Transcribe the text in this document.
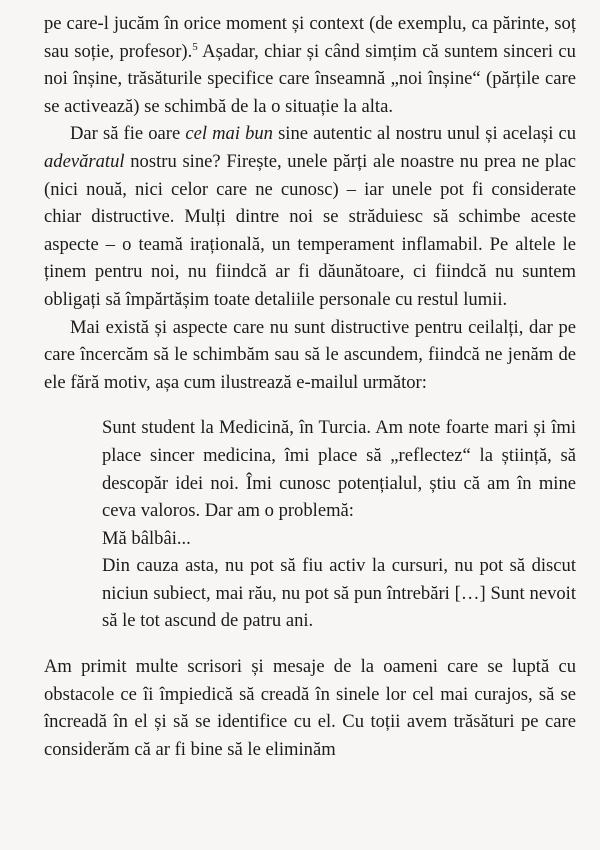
pe care-l jucăm în orice moment și context (de exemplu, ca părinte, soț sau soție, profesor).$^5$ Așadar, chiar și când simțim că suntem sinceri cu noi înșine, trăsăturile specifice care înseamnă „noi înșine“ (părțile care se activează) se schimbă de la o situație la alta.

Dar să fie oare cel mai bun sine autentic al nostru unul și același cu adevăratul nostru sine? Firește, unele părți ale noastre nu prea ne plac (nici nouă, nici celor care ne cunosc) – iar unele pot fi considerate chiar distructive. Mulți dintre noi se străduiesc să schimbe aceste aspecte – o teamă irațională, un temperament inflamabil. Pe altele le ținem pentru noi, nu fiindcă ar fi dăunătoare, ci fiindcă nu suntem obligați să împărtășim toate detaliile personale cu restul lumii.

Mai există și aspecte care nu sunt distructive pentru ceilalți, dar pe care încercăm să le schimbăm sau să le ascundem, fiindcă ne jenăm de ele fără motiv, așa cum ilustrează e-mailul următor:

Sunt student la Medicină, în Turcia. Am note foarte mari și îmi place sincer medicina, îmi place să „reflectez“ la știință, să descopăr idei noi. Îmi cunosc potențialul, știu că am în mine ceva valoros. Dar am o problemă:

Mă bâlbâi...

Din cauza asta, nu pot să fiu activ la cursuri, nu pot să discut niciun subiect, mai rău, nu pot să pun întrebări […] Sunt nevoit să le tot ascund de patru ani.

Am primit multe scrisori și mesaje de la oameni care se luptă cu obstacole ce îi împiedică să creadă în sinele lor cel mai curajos, să se încreadă în el și să se identifice cu el. Cu toții avem trăsături pe care considerăm că ar fi bine să le eliminăm
